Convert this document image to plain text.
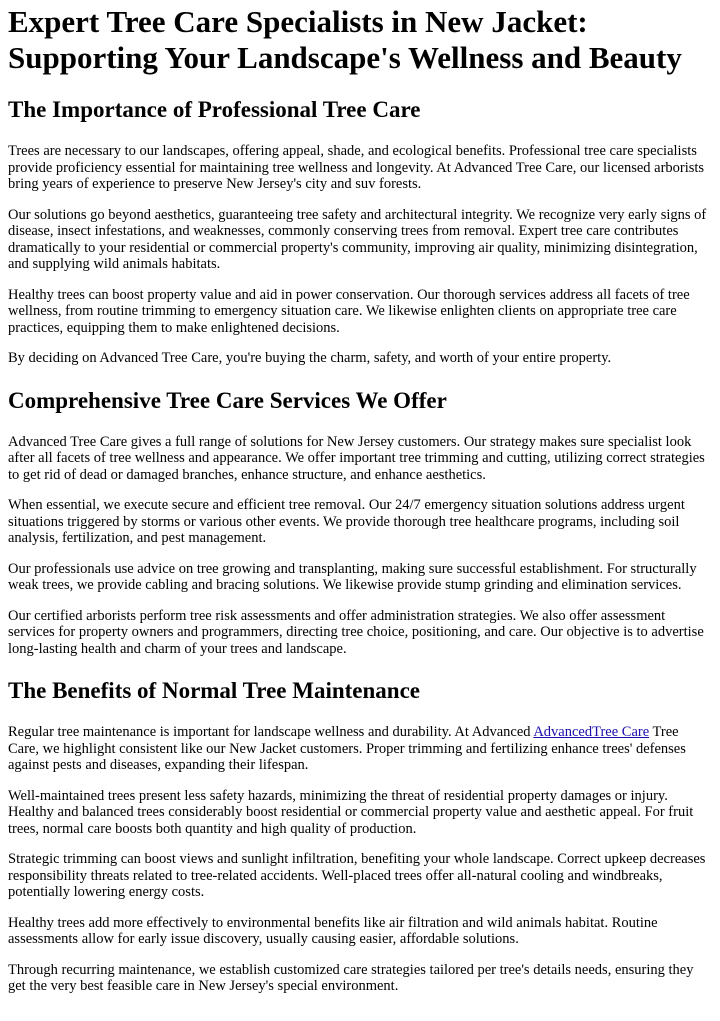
Expert Tree Care Specialists in New Jacket: Supporting Your Landscape's Wellness and Beauty
The Importance of Professional Tree Care

Trees are necessary to our landscapes, offering appeal, shade, and ecological benefits. Professional tree care specialists provide proficiency essential for maintaining tree wellness and longevity. At Advanced Tree Care, our licensed arborists bring years of experience to preserve New Jersey's city and suv forests.

Our solutions go beyond aesthetics, guaranteeing tree safety and architectural integrity. We recognize very early signs of disease, insect infestations, and weaknesses, commonly conserving trees from removal. Expert tree care contributes dramatically to your residential or commercial property's community, improving air quality, minimizing disintegration, and supplying wild animals habitats.

Healthy trees can boost property value and aid in power conservation. Our thorough services address all facets of tree wellness, from routine trimming to emergency situation care. We likewise enlighten clients on appropriate tree care practices, equipping them to make enlightened decisions.

By deciding on Advanced Tree Care, you're buying the charm, safety, and worth of your entire property.

Comprehensive Tree Care Services We Offer

Advanced Tree Care gives a full range of solutions for New Jersey customers. Our strategy makes sure specialist look after all facets of tree wellness and appearance. We offer important tree trimming and cutting, utilizing correct strategies to get rid of dead or damaged branches, enhance structure, and enhance aesthetics.

When essential, we execute secure and efficient tree removal. Our 24/7 emergency situation solutions address urgent situations triggered by storms or various other events. We provide thorough tree healthcare programs, including soil analysis, fertilization, and pest management.

Our professionals use advice on tree growing and transplanting, making sure successful establishment. For structurally weak trees, we provide cabling and bracing solutions. We likewise provide stump grinding and elimination services.

Our certified arborists perform tree risk assessments and offer administration strategies. We also offer assessment services for property owners and programmers, directing tree choice, positioning, and care. Our objective is to advertise long-lasting health and charm of your trees and landscape.

The Benefits of Normal Tree Maintenance

Regular tree maintenance is important for landscape wellness and durability. At Advanced AdvancedTree Care Tree Care, we highlight consistent like our New Jacket customers. Proper trimming and fertilizing enhance trees' defenses against pests and diseases, expanding their lifespan.

Well-maintained trees present less safety hazards, minimizing the threat of residential property damages or injury. Healthy and balanced trees considerably boost residential or commercial property value and aesthetic appeal. For fruit trees, normal care boosts both quantity and high quality of production.

Strategic trimming can boost views and sunlight infiltration, benefiting your whole landscape. Correct upkeep decreases responsibility threats related to tree-related accidents. Well-placed trees offer all-natural cooling and windbreaks, potentially lowering energy costs.

Healthy trees add more effectively to environmental benefits like air filtration and wild animals habitat. Routine assessments allow for early issue discovery, usually causing easier, affordable solutions.

Through recurring maintenance, we establish customized care strategies tailored per tree's details needs, ensuring they get the very best feasible care in New Jersey's special environment.
